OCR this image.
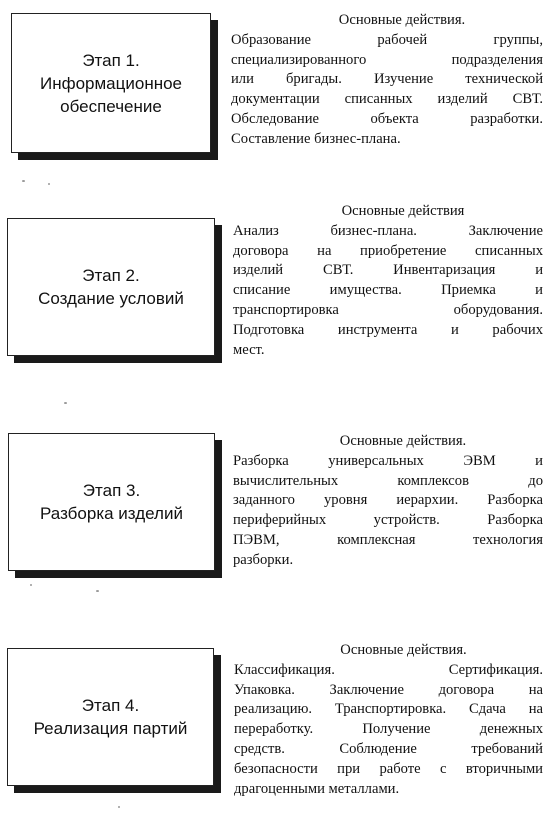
Этап 1.
Информационное
обеспечение
Основные действия.
Образование рабочей группы,
специализированного подразделения
или бригады. Изучение технической
документации списанных изделий СВТ.
Обследование объекта разработки.
Составление бизнес-плана.
Этап 2.
Создание условий
Основные действия
Анализ бизнес-плана. Заключение
договора на приобретение списанных
изделий СВТ. Инвентаризация и
списание имущества. Приемка и
транспортировка оборудования.
Подготовка инструмента и рабочих
мест.
Этап 3.
Разборка изделий
Основные действия.
Разборка универсальных ЭВМ и
вычислительных комплексов до
заданного уровня иерархии. Разборка
периферийных устройств. Разборка
ПЭВМ, комплексная технология
разборки.
Этап 4.
Реализация партий
Основные действия.
Классификация. Сертификация.
Упаковка. Заключение договора на
реализацию. Транспортировка. Сдача на
переработку. Получение денежных
средств. Соблюдение требований
безопасности при работе с вторичными
драгоценными металлами.
